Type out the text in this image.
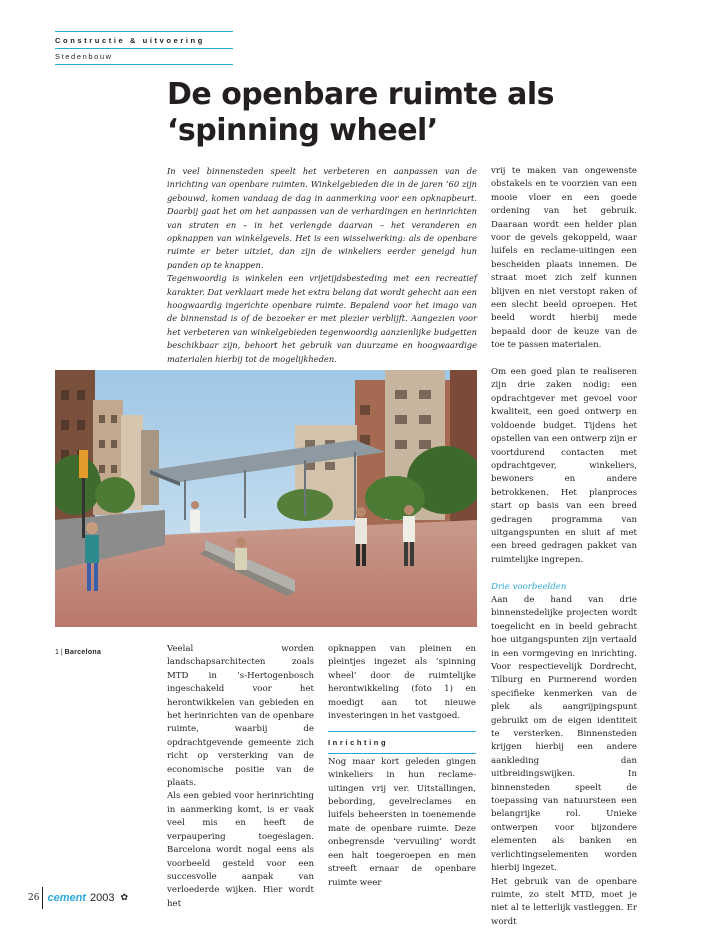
Constructie & uitvoering
Stedenbouw
De openbare ruimte als
‘spinning wheel’

In veel binnensteden speelt het verbeteren en aanpassen van de inrichting van openbare ruimten. Winkelgebieden die in de jaren ’60 zijn gebouwd, komen vandaag de dag in aanmerking voor een opknapbeurt. Daarbij gaat het om het aanpassen van de verhardingen en herinrichten van straten en – in het verlengde daarvan – het veranderen en opknappen van winkelgevels. Het is een wisselwerking: als de openbare ruimte er beter uitziet, dan zijn de winkeliers eerder geneigd hun panden op te knappen.

Tegenwoordig is winkelen een vrijetijdsbesteding met een recreatief karakter. Dat verklaart mede het extra belang dat wordt gehecht aan een hoogwaardig ingerichte openbare ruimte. Bepalend voor het imago van de binnenstad is of de bezoeker er met plezier verblijft. Aangezien voor het verbeteren van winkelgebieden tegenwoordig aanzienlijke budgetten beschikbaar zijn, behoort het gebruik van duurzame en hoogwaardige materialen hierbij tot de mogelijkheden.

1 | Barcelona	Veelal worden landschapsarchitecten zoals MTD in ’s-Hertogenbosch ingeschakeld voor het herontwikkelen van gebieden en het herinrichten van de openbare ruimte, waarbij de opdrachtgevende gemeente zich richt op versterking van de economische positie van de plaats.

Als een gebied voor herinrichting in aanmerking komt, is er vaak veel mis en heeft de verpaupering toegeslagen. Barcelona wordt nogal eens als voorbeeld gesteld voor een succesvolle aanpak van verloederde wijken. Hier wordt het

opknappen van pleinen en pleintjes ingezet als ‘spinning wheel’ door de ruimtelijke herontwikkeling (foto 1) en moedigt aan tot nieuwe investeringen in het vastgoed.

Inrichting

Nog maar kort geleden gingen winkeliers in hun reclame-uitingen vrij ver. Uitstallingen, bebording, gevelreclames en luifels beheersten in toenemende mate de openbare ruimte. Deze onbegrensde ‘vervuiling’ wordt een halt toegeroepen en men streeft ernaar de openbare ruimte weer

vrij te maken van ongewenste obstakels en te voorzien van een mooie vloer en een goede ordening van het gebruik. Daaraan wordt een helder plan voor de gevels gekoppeld, waar luifels en reclame-uitingen een bescheiden plaats innemen. De straat moet zich zelf kunnen blijven en niet verstopt raken of een slecht beeld oproepen. Het beeld wordt hierbij mede bepaald door de keuze van de toe te passen materialen.

Om een goed plan te realiseren zijn drie zaken nodig: een opdrachtgever met gevoel voor kwaliteit, een goed ontwerp en voldoende budget. Tijdens het opstellen van een ontwerp zijn er voortdurend contacten met opdrachtgever, winkeliers, bewoners en andere betrokkenen. Het planproces start op basis van een breed gedragen programma van uitgangspunten en sluit af met een breed gedragen pakket van ruimtelijke ingrepen.

Drie voorbeelden

Aan de hand van drie binnenstedelijke projecten wordt toegelicht en in beeld gebracht hoe uitgangspunten zijn vertaald in een vormgeving en inrichting. Voor respectievelijk Dordrecht, Tilburg en Purmerend worden specifieke kenmerken van de plek als aangrijpingspunt gebruikt om de eigen identiteit te versterken. Binnensteden krijgen hierbij een andere aankleding dan uitbreidingswijken. In binnensteden speelt de toepassing van natuursteen een belangrijke rol. Unieke ontwerpen voor bijzondere elementen als banken en verlichtingselementen worden hierbij ingezet.

Het gebruik van de openbare ruimte, zo stelt MTD, moet je niet al te letterlijk vastleggen. Er wordt

26 cement 2003 ✿
